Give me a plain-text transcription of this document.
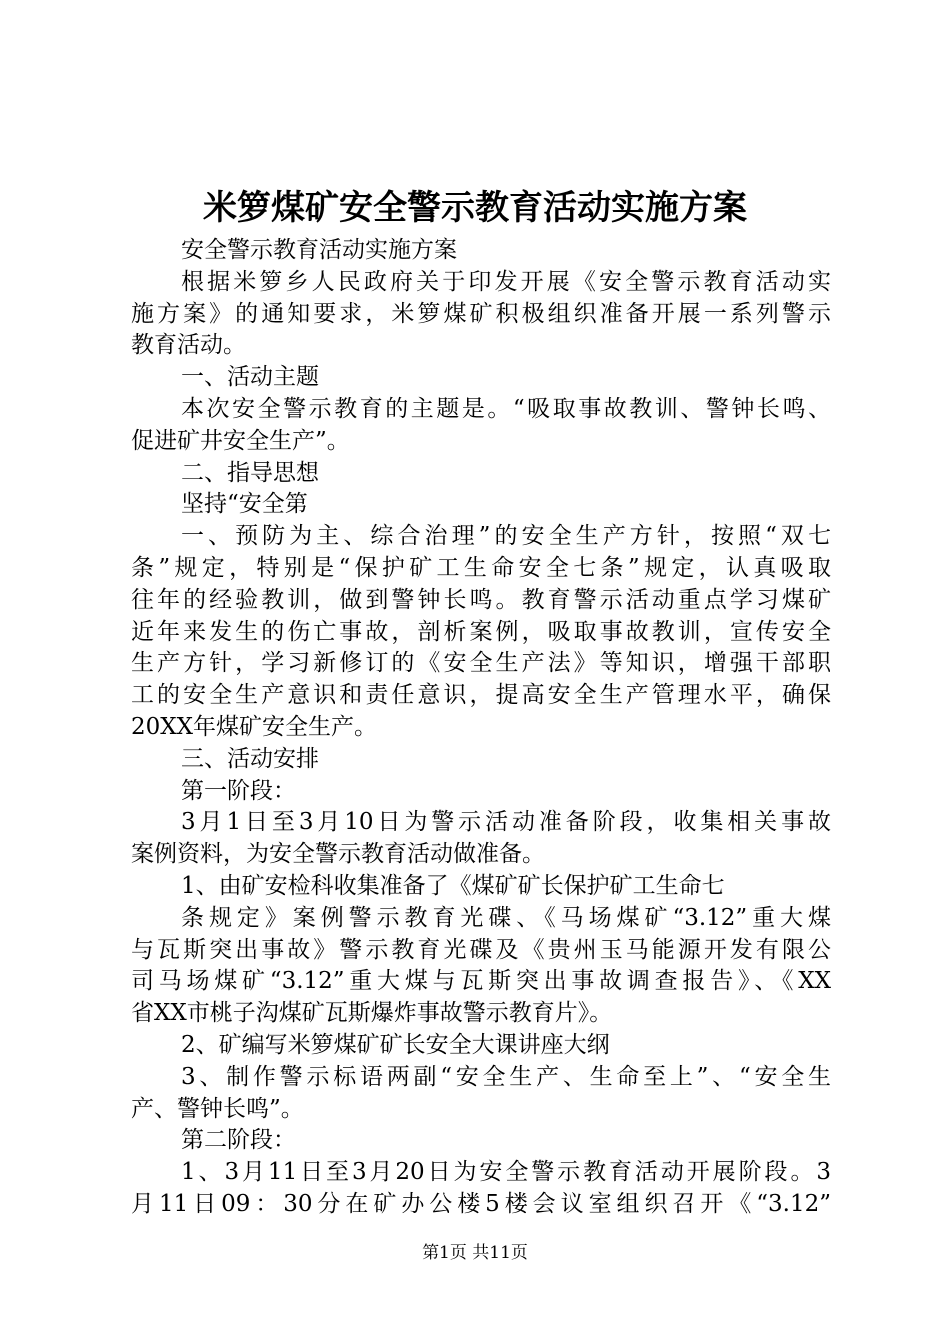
米箩煤矿安全警示教育活动实施方案
安全警示教育活动实施方案
根据米箩乡人民政府关于印发开展《安全警示教育活动实
施方案》的通知要求，米箩煤矿积极组织准备开展一系列警示
教育活动。
一、活动主题
本次安全警示教育的主题是。“吸取事故教训、警钟长鸣、
促进矿井安全生产”。
二、指导思想
坚持“安全第
一、预防为主、综合治理”的安全生产方针，按照“双七
条”规定，特别是“保护矿工生命安全七条”规定，认真吸取
往年的经验教训，做到警钟长鸣。教育警示活动重点学习煤矿
近年来发生的伤亡事故，剖析案例，吸取事故教训，宣传安全
生产方针，学习新修订的《安全生产法》等知识，增强干部职
工的安全生产意识和责任意识，提高安全生产管理水平，确保
20XX年煤矿安全生产。
三、活动安排
第一阶段：
3月1日至3月10日为警示活动准备阶段，收集相关事故
案例资料，为安全警示教育活动做准备。
1、由矿安检科收集准备了《煤矿矿长保护矿工生命七
条规定》案例警示教育光碟、《马场煤矿“3.12”重大煤
与瓦斯突出事故》警示教育光碟及《贵州玉马能源开发有限公
司马场煤矿“3.12”重大煤与瓦斯突出事故调查报告》、《XX
省XX市桃子沟煤矿瓦斯爆炸事故警示教育片》。
2、矿编写米箩煤矿矿长安全大课讲座大纲
3、制作警示标语两副“安全生产、生命至上”、“安全生
产、警钟长鸣”。
第二阶段：
1、3月11日至3月20日为安全警示教育活动开展阶段。3
月11日09：30分在矿办公楼5楼会议室组织召开《“3.12”
第1页 共11页
